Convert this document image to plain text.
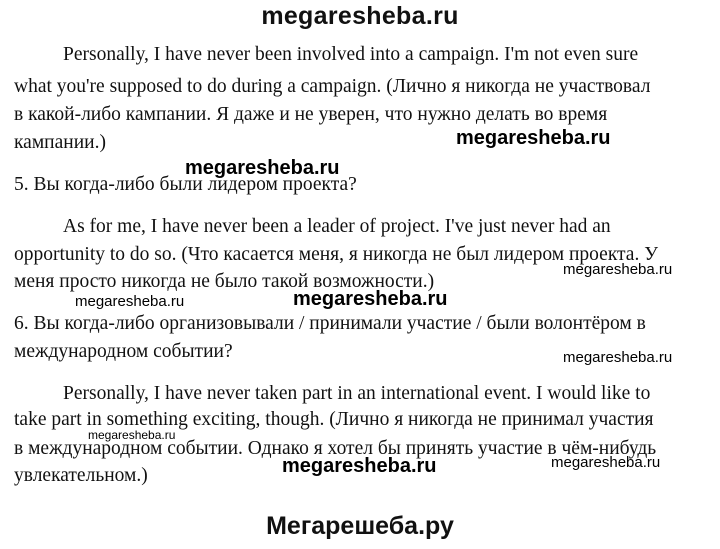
megaresheba.ru
Personally, I have never been involved into a campaign. I'm not even sure
what you're supposed to do during a campaign. (Лично я никогда не участвовал
в какой-либо кампании. Я даже и не уверен, что нужно делать во время
кампании.)
5. Вы когда-либо были лидером проекта?
As for me, I have never been a leader of project. I've just never had an
opportunity to do so. (Что касается меня, я никогда не был лидером проекта. У
меня просто никогда не было такой возможности.)
6. Вы когда-либо организовывали / принимали участие / были волонтёром в
международном событии?
Personally, I have never taken part in an international event. I would like to
take part in something exciting, though. (Лично я никогда не принимал участия
в международном событии. Однако я хотел бы принять участие в чём-нибудь
увлекательном.)
megaresheba.ru
megaresheba.ru
megaresheba.ru
megaresheba.ru	megaresheba.ru
megaresheba.ru
megaresheba.ru
megaresheba.ru	megaresheba.ru
Мегарешеба.ру
